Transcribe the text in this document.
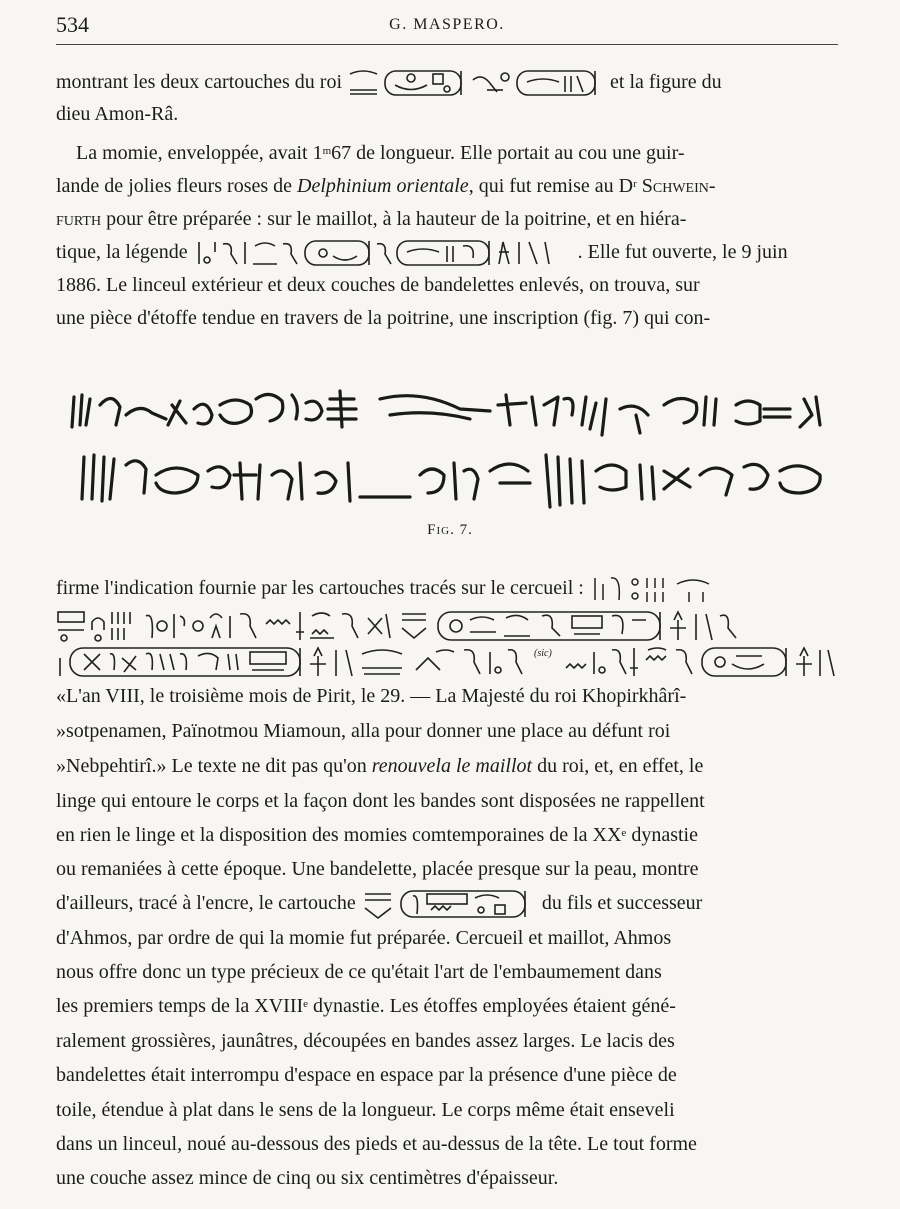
534	G. MASPERO.
montrant les deux cartouches du roi	et la figure du
dieu Amon-Râ.
La momie, enveloppée, avait 1$^m$67 de longueur. Elle portait au cou une guir-
lande de jolies fleurs roses de Delphinium orientale, qui fut remise au $D^r$ Schwein-
furth pour être préparée : sur le maillot, à la hauteur de la poitrine, et en hiéra-
tique, la légende	. Elle fut ouverte, le 9 juin
1886. Le linceul extérieur et deux couches de bandelettes enlevés, on trouva, sur
une pièce d'étoffe tendue en travers de la poitrine, une inscription (fig. 7) qui con-
Fig. 7.
firme l'indication fournie par les cartouches tracés sur le cercueil :
(sic)
«L'an VIII, le troisième mois de Pirit, le 29. — La Majesté du roi Khopirkhârî-
»sotpenamen, Païnotmou Miamoun, alla pour donner une place au défunt roi
»Nebpehtirî.» Le texte ne dit pas qu'on renouvela le maillot du roi, et, en effet, le
linge qui entoure le corps et la façon dont les bandes sont disposées ne rappellent
en rien le linge et la disposition des momies comtemporaines de la XXe dynastie
ou remaniées à cette époque. Une bandelette, placée presque sur la peau, montre
d'ailleurs, tracé à l'encre, le cartouche	du fils et successeur
d'Ahmos, par ordre de qui la momie fut préparée. Cercueil et maillot, Ahmos
nous offre donc un type précieux de ce qu'était l'art de l'embaumement dans
les premiers temps de la XVIIIe dynastie. Les étoffes employées étaient géné-
ralement grossières, jaunâtres, découpées en bandes assez larges. Le lacis des
bandelettes était interrompu d'espace en espace par la présence d'une pièce de
toile, étendue à plat dans le sens de la longueur. Le corps même était enseveli
dans un linceul, noué au-dessous des pieds et au-dessus de la tête. Le tout forme
une couche assez mince de cinq ou six centimètres d'épaisseur.
